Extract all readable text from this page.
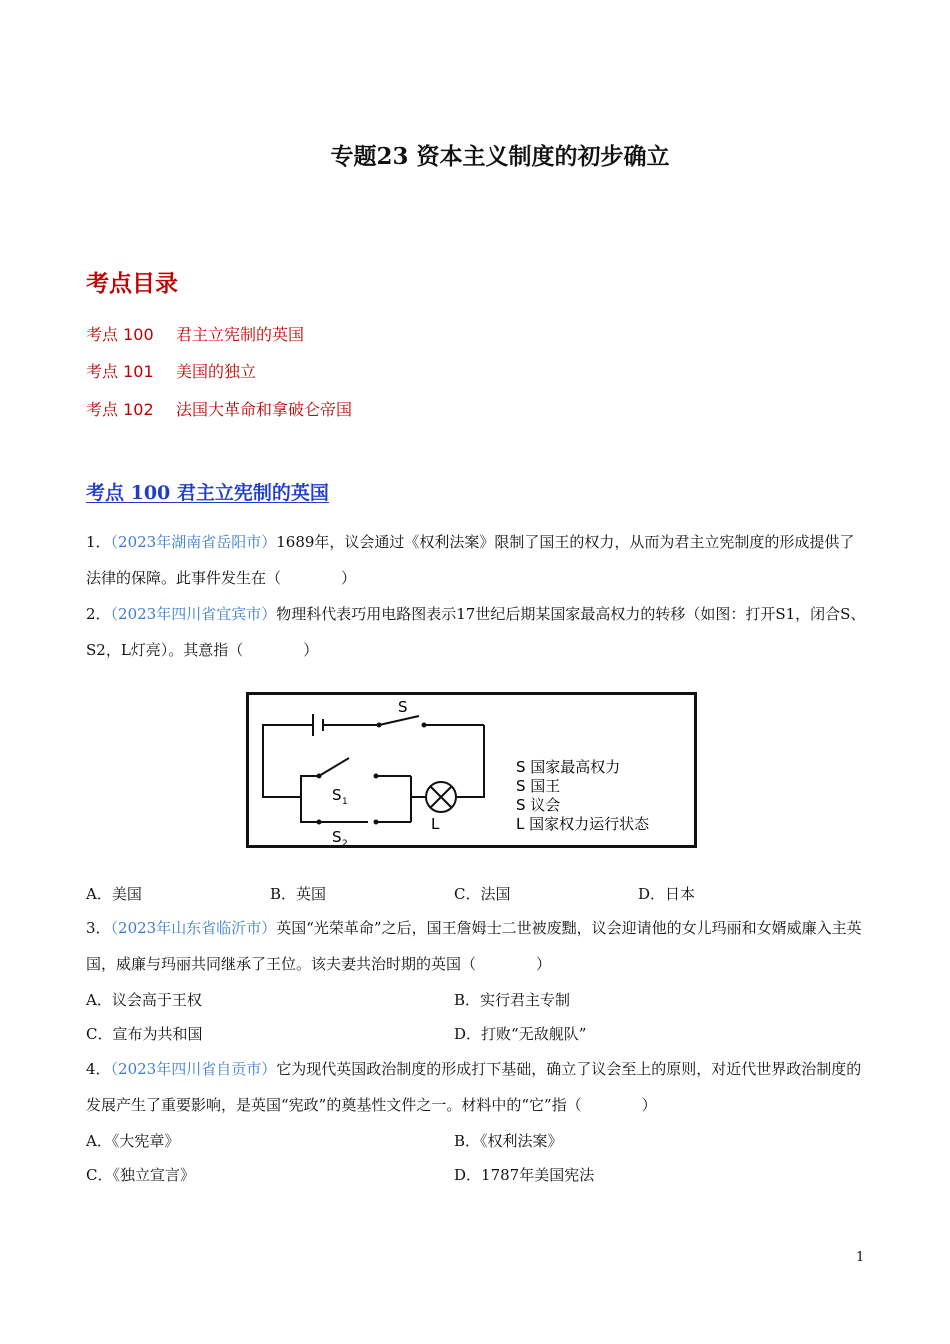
专题23 资本主义制度的初步确立
考点目录
考点 100 君主立宪制的英国
考点 101 美国的独立
考点 102 法国大革命和拿破仑帝国
考点 100 君主立宪制的英国
1．（2023年湖南省岳阳市）1689年，议会通过《权利法案》限制了国王的权力，从而为君主立宪制度的形成提供了法律的保障。此事件发生在（　　　　）
2．（2023年四川省宜宾市）物理科代表巧用电路图表示17世纪后期某国家最高权力的转移（如图：打开S1，闭合S、S2，L灯亮）。其意指（　　　　）
S
S 1
S 2
L
S 国家最高权力
S 国王
S 议会
L 国家权力运行状态
A．美国	B．英国	C．法国	D．日本
3．（2023年山东省临沂市）英国“光荣革命”之后，国王詹姆士二世被废黜，议会迎请他的女儿玛丽和女婿威廉入主英国，威廉与玛丽共同继承了王位。该夫妻共治时期的英国（　　　　）
A．议会高于王权	B．实行君主专制
C．宣布为共和国	D．打败“无敌舰队”
4．（2023年四川省自贡市）它为现代英国政治制度的形成打下基础，确立了议会至上的原则，对近代世界政治制度的发展产生了重要影响，是英国“宪政”的奠基性文件之一。材料中的“它”指（　　　　）
A．《大宪章》	B．《权利法案》
C．《独立宣言》	D．1787年美国宪法
1
